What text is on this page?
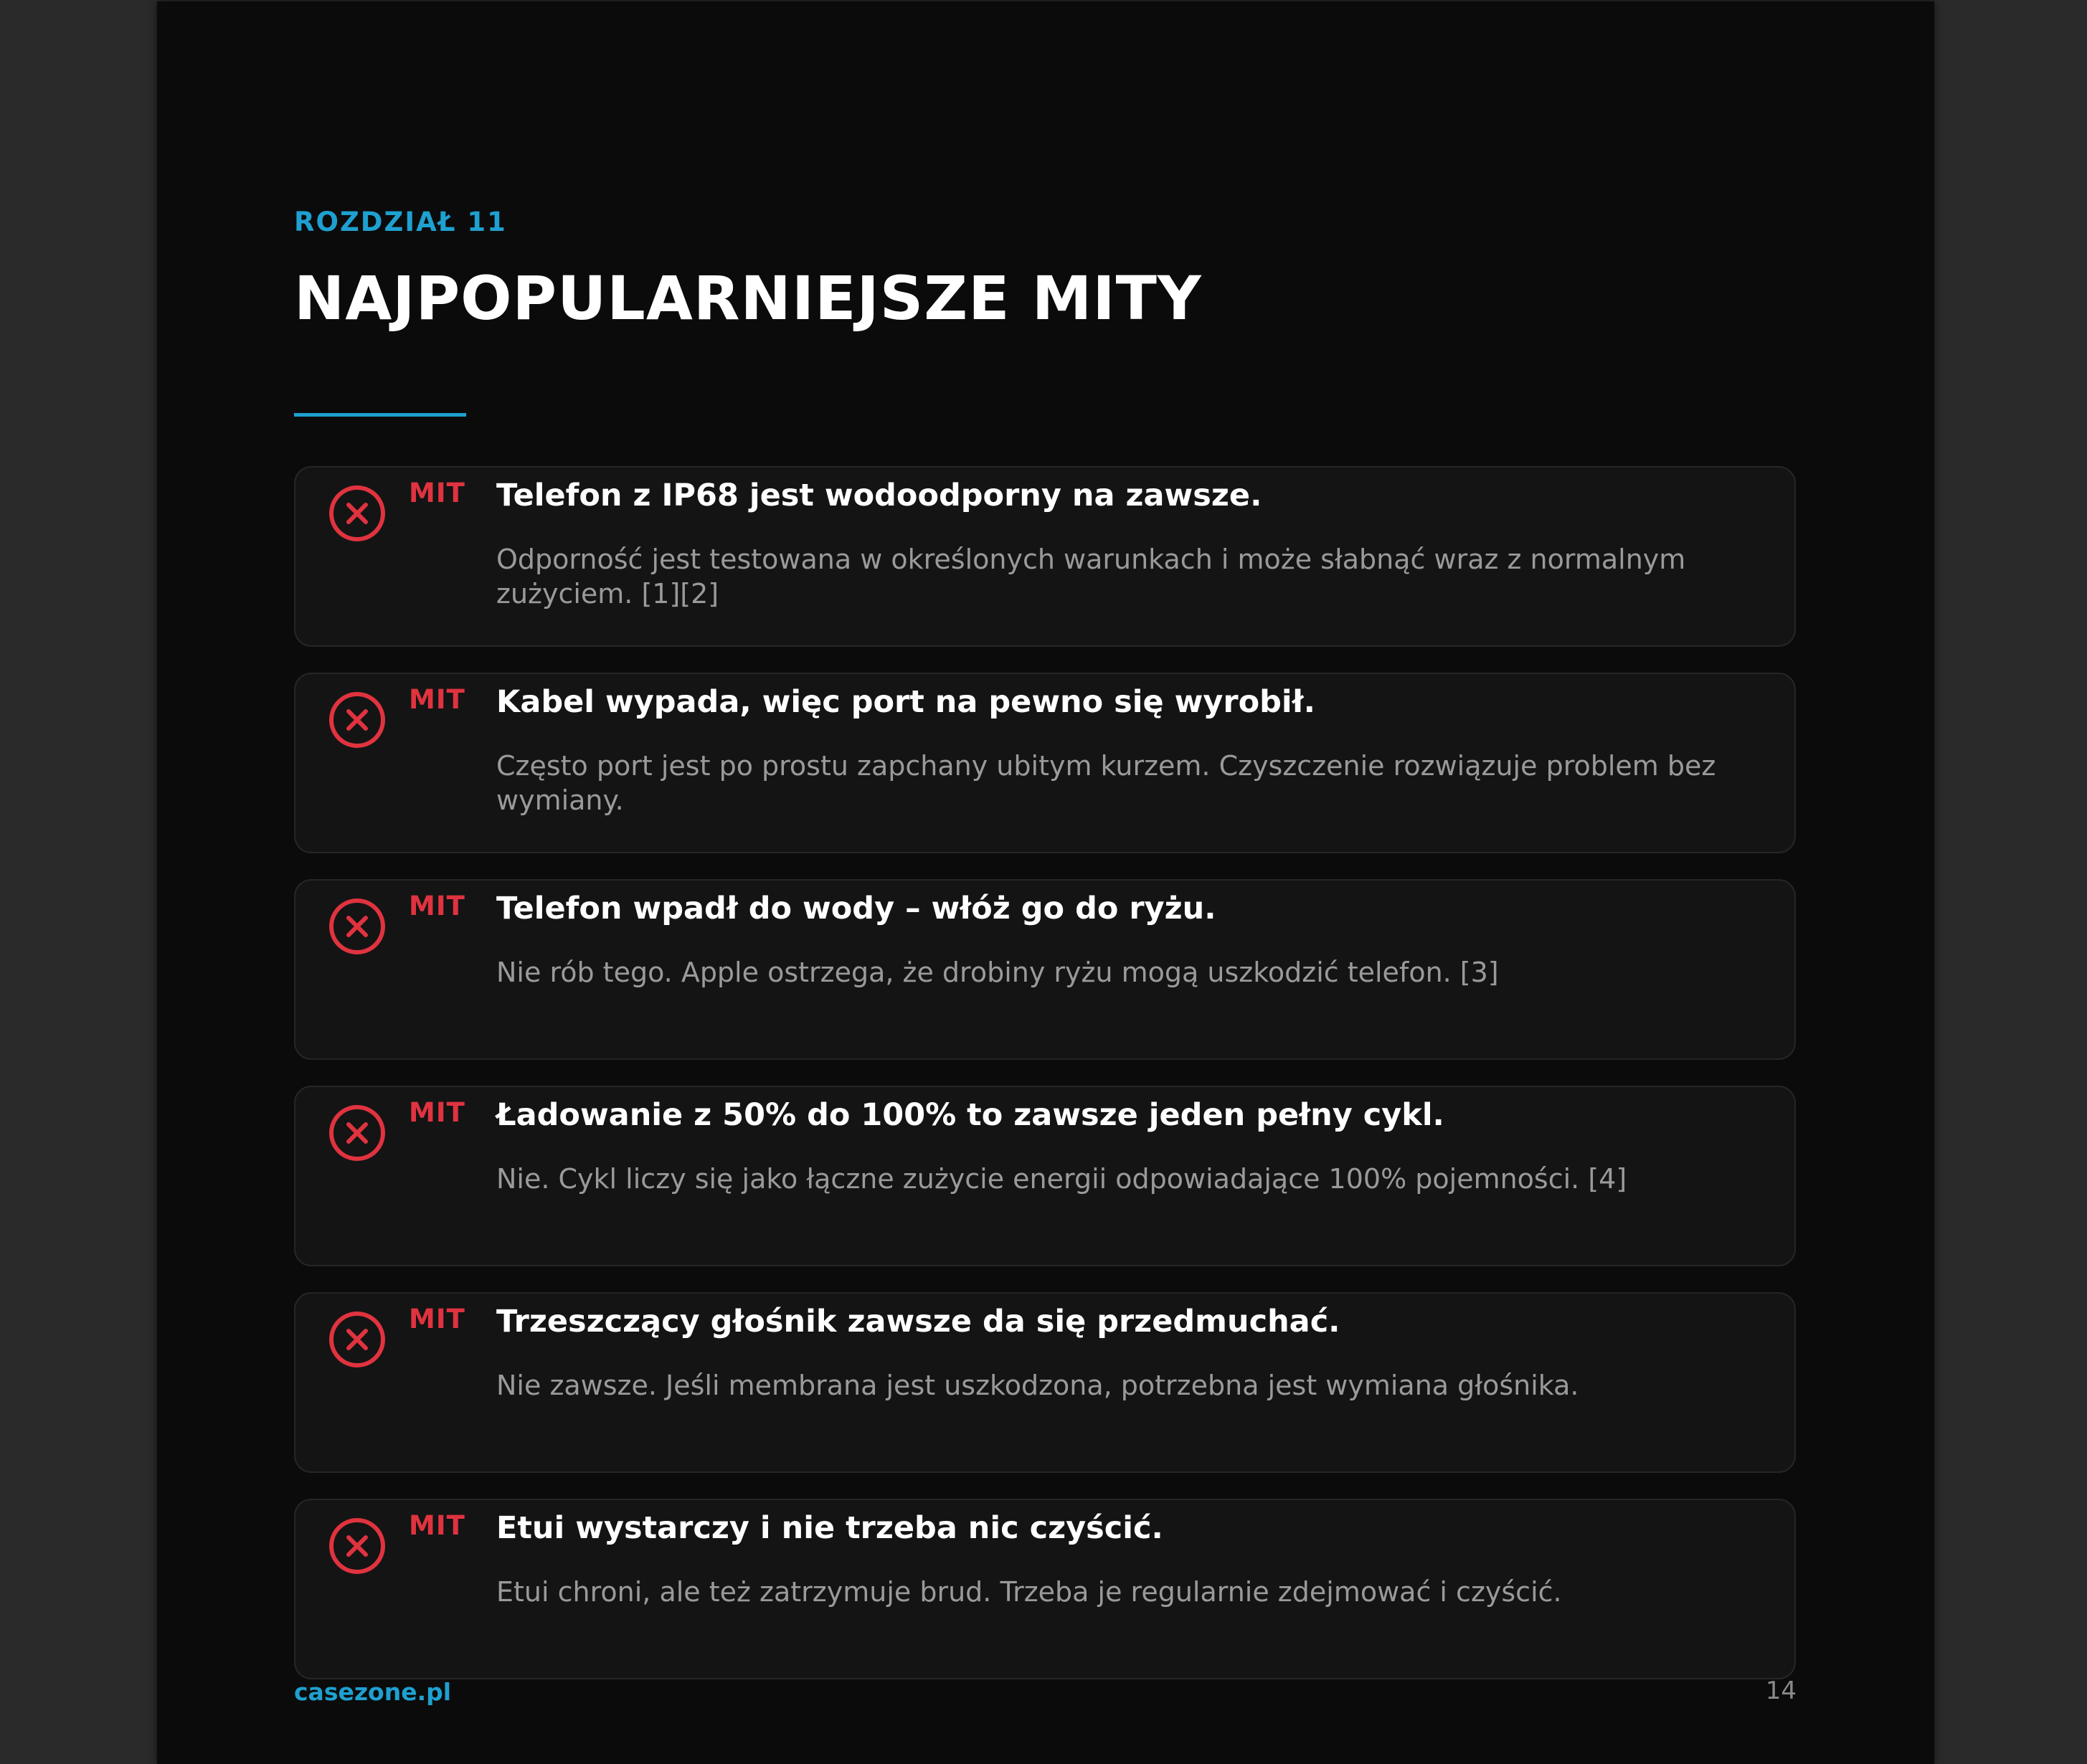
ROZDZIAŁ 11
NAJPOPULARNIEJSZE MITY
MIT Telefon z IP68 jest wodoodporny na zawsze.
Odporność jest testowana w określonych warunkach i może słabnąć wraz z normalnym zużyciem. [1][2]
MIT Kabel wypada, więc port na pewno się wyrobił.
Często port jest po prostu zapchany ubitym kurzem. Czyszczenie rozwiązuje problem bez wymiany.
MIT Telefon wpadł do wody – włóż go do ryżu.
Nie rób tego. Apple ostrzega, że drobiny ryżu mogą uszkodzić telefon. [3]
MIT Ładowanie z 50% do 100% to zawsze jeden pełny cykl.
Nie. Cykl liczy się jako łączne zużycie energii odpowiadające 100% pojemności. [4]
MIT Trzeszczący głośnik zawsze da się przedmuchać.
Nie zawsze. Jeśli membrana jest uszkodzona, potrzebna jest wymiana głośnika.
MIT Etui wystarczy i nie trzeba nic czyścić.
Etui chroni, ale też zatrzymuje brud. Trzeba je regularnie zdejmować i czyścić.
casezone.pl	14
